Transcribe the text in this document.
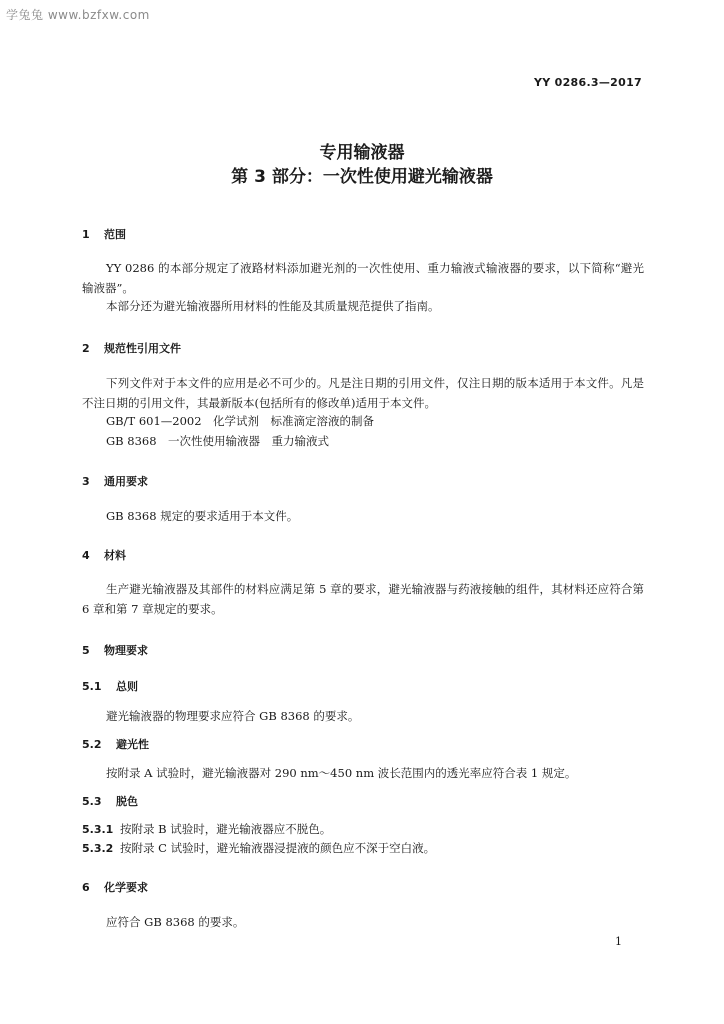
学兔兔 www.bzfxw.com
YY 0286.3—2017
专用输液器
第 3 部分：一次性使用避光输液器
1 范围
YY 0286 的本部分规定了液路材料添加避光剂的一次性使用、重力输液式输液器的要求，以下简称“避光输液器”。
本部分还为避光输液器所用材料的性能及其质量规范提供了指南。
2 规范性引用文件
下列文件对于本文件的应用是必不可少的。凡是注日期的引用文件，仅注日期的版本适用于本文件。凡是不注日期的引用文件，其最新版本(包括所有的修改单)适用于本文件。
GB/T 601—2002　化学试剂　标准滴定溶液的制备
GB 8368　一次性使用输液器　重力输液式
3 通用要求
GB 8368 规定的要求适用于本文件。
4 材料
生产避光输液器及其部件的材料应满足第 5 章的要求，避光输液器与药液接触的组件，其材料还应符合第 6 章和第 7 章规定的要求。
5 物理要求
5.1 总则
避光输液器的物理要求应符合 GB 8368 的要求。
5.2 避光性
按附录 A 试验时，避光输液器对 290 nm～450 nm 波长范围内的透光率应符合表 1 规定。
5.3 脱色
5.3.1 按附录 B 试验时，避光输液器应不脱色。
5.3.2 按附录 C 试验时，避光输液器浸提液的颜色应不深于空白液。
6 化学要求
应符合 GB 8368 的要求。
1
